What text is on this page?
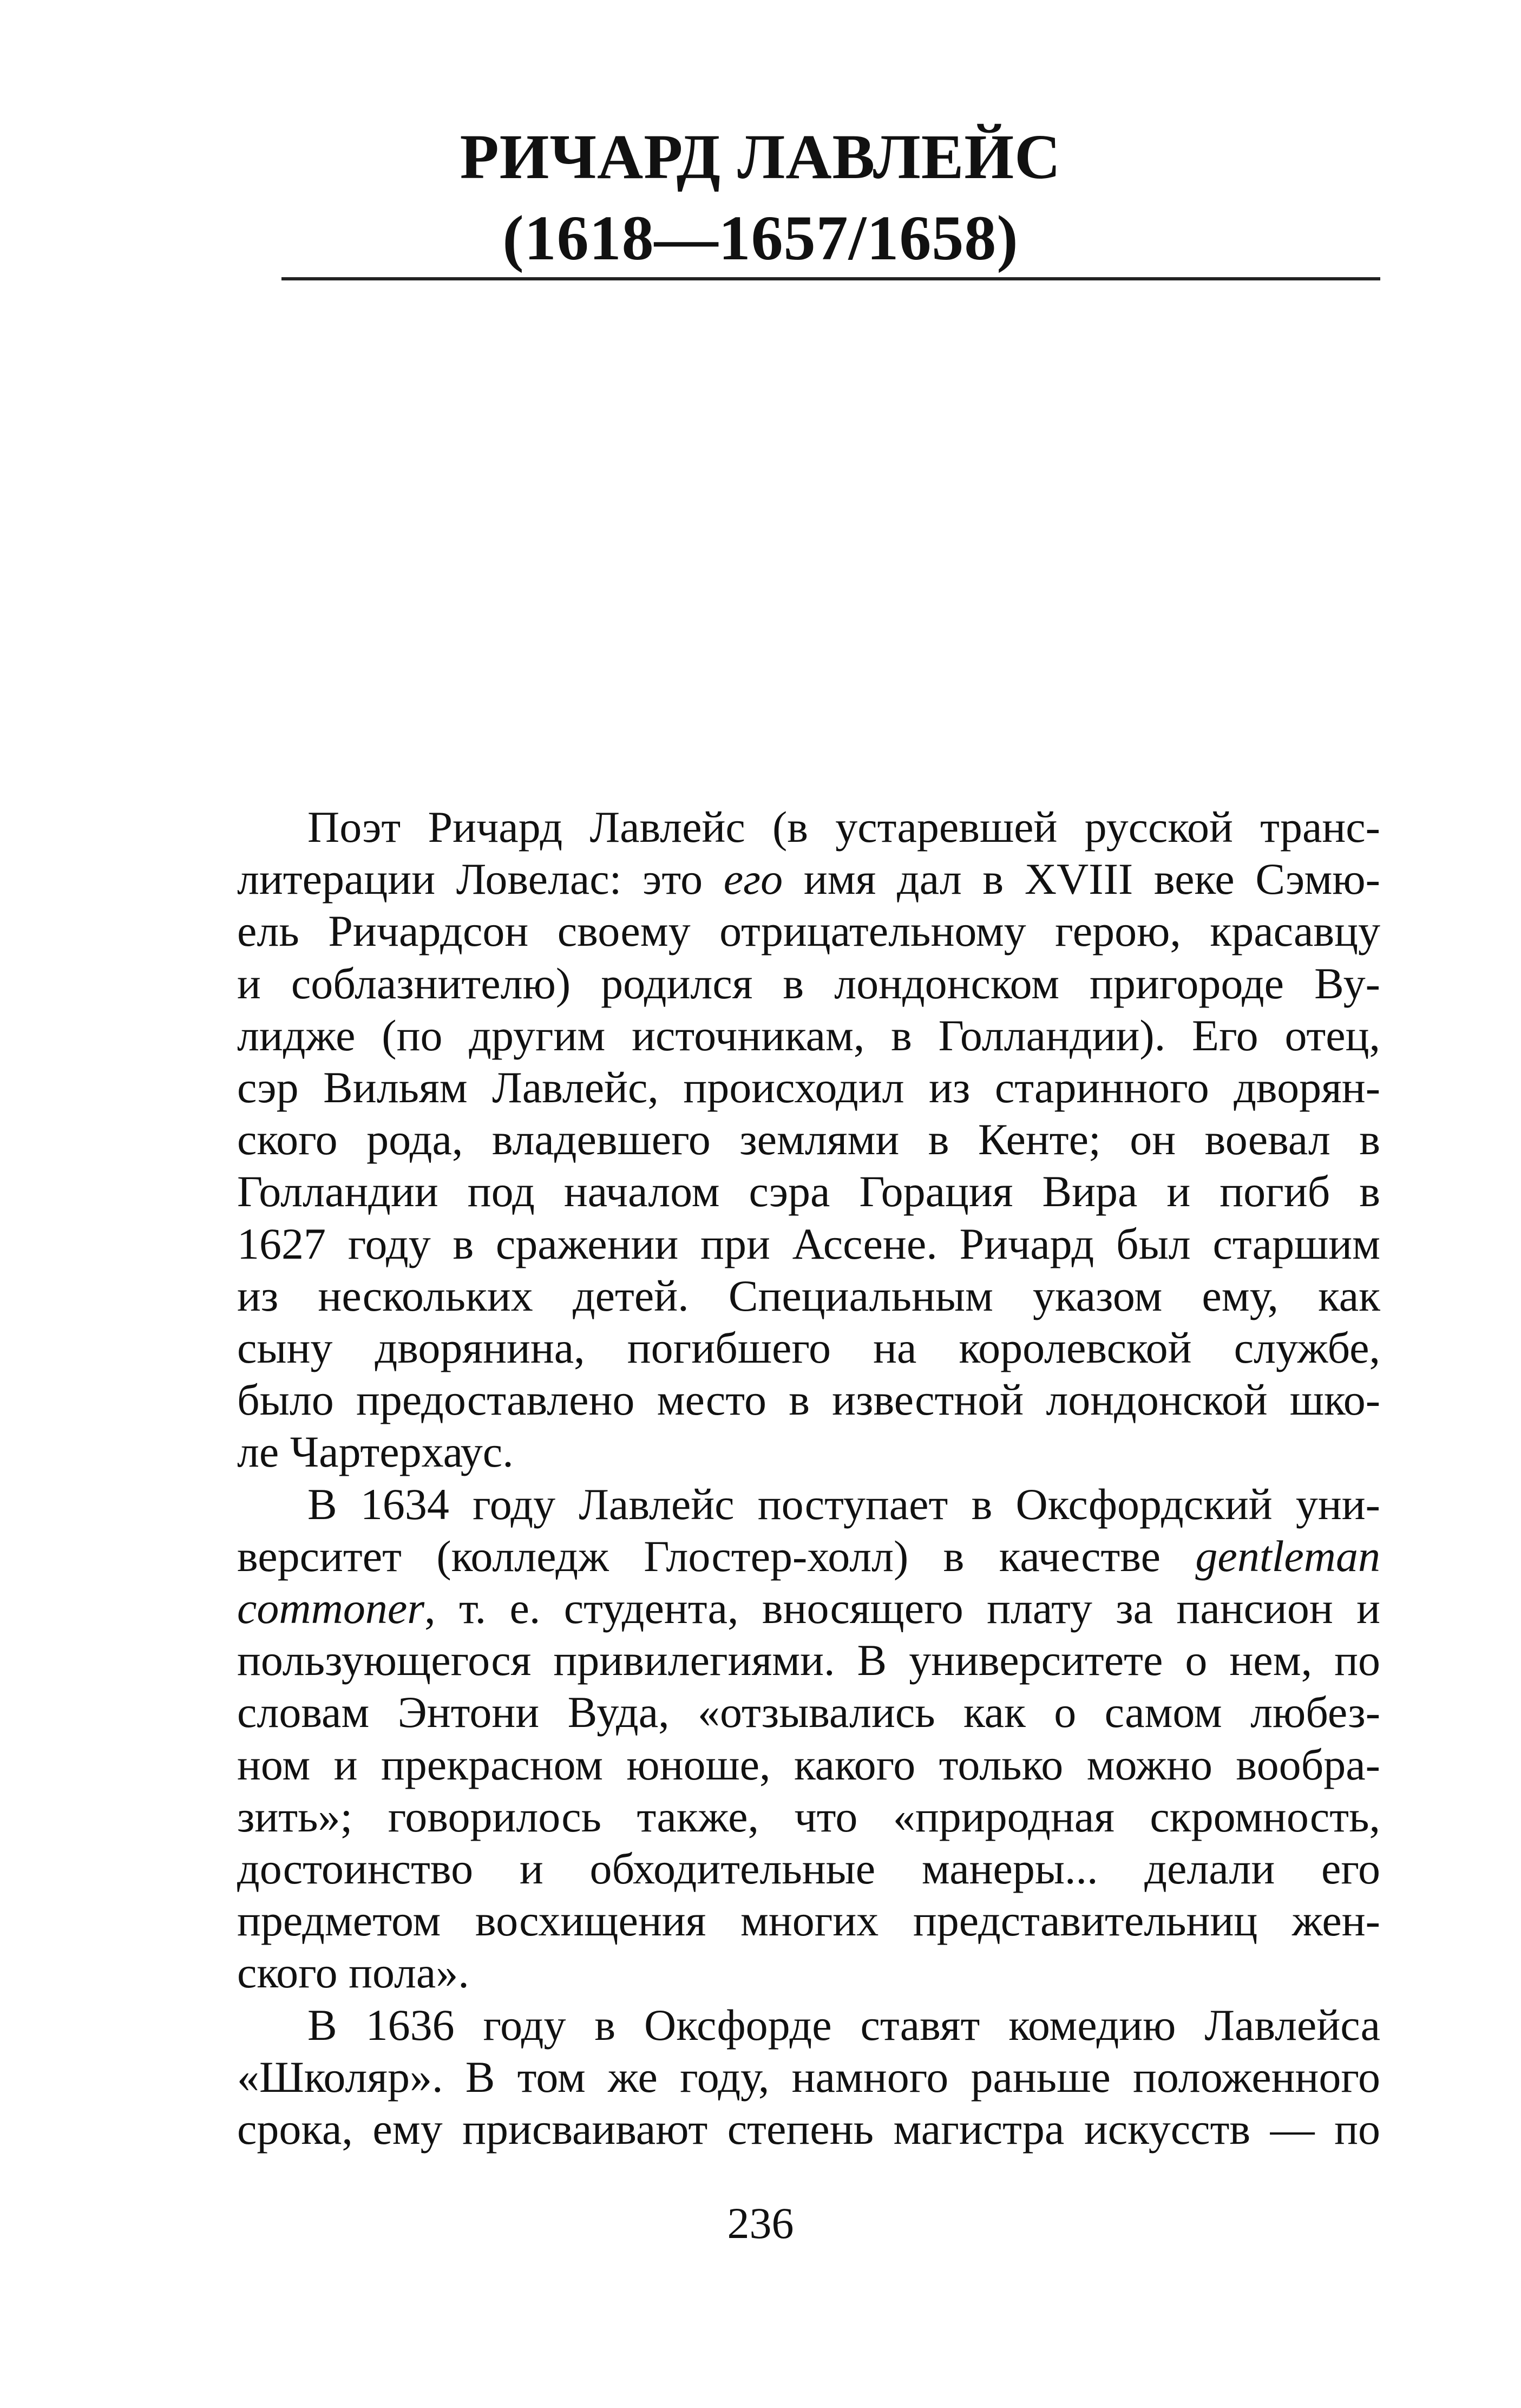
РИЧАРД ЛАВЛЕЙС
(1618—1657/1658)
Поэт Ричард Лавлейс (в устаревшей русской транс-
литерации Ловелас: это его имя дал в XVIII веке Сэмю-
ель Ричардсон своему отрицательному герою, красавцу
и соблазнителю) родился в лондонском пригороде Ву-
лидже (по другим источникам, в Голландии). Его отец,
сэр Вильям Лавлейс, происходил из старинного дворян-
ского рода, владевшего землями в Кенте; он воевал в
Голландии под началом сэра Горация Вира и погиб в
1627 году в сражении при Ассене. Ричард был старшим
из нескольких детей. Специальным указом ему, как
сыну дворянина, погибшего на королевской службе,
было предоставлено место в известной лондонской шко-
ле Чартерхаус.
В 1634 году Лавлейс поступает в Оксфордский уни-
верситет (колледж Глостер-холл) в качестве gentleman
commoner, т. е. студента, вносящего плату за пансион и
пользующегося привилегиями. В университете о нем, по
словам Энтони Вуда, «отзывались как о самом любез-
ном и прекрасном юноше, какого только можно вообра-
зить»; говорилось также, что «природная скромность,
достоинство и обходительные манеры... делали его
предметом восхищения многих представительниц жен-
ского пола».
В 1636 году в Оксфорде ставят комедию Лавлейса
«Школяр». В том же году, намного раньше положенного
срока, ему присваивают степень магистра искусств — по
236
